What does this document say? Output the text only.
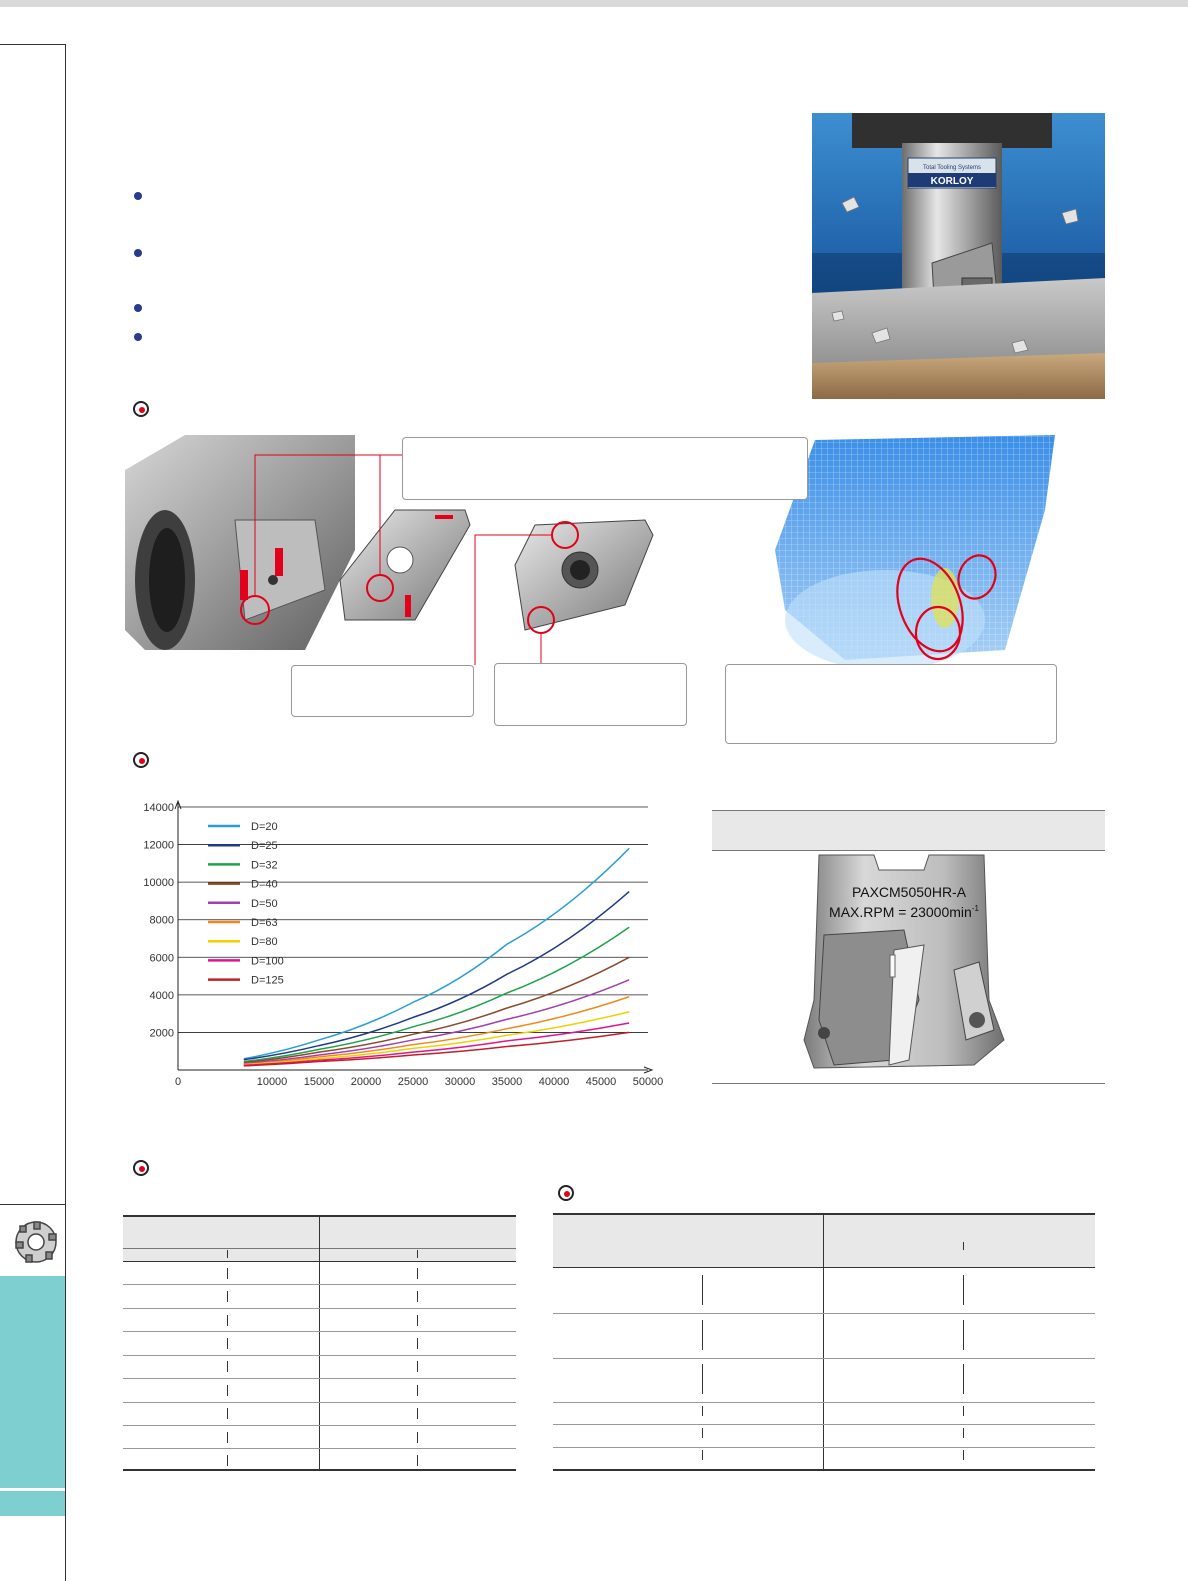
Total Tooling Systems
KORLOY
2000
4000
6000
8000
10000
12000
14000
0	10000 15000 20000 25000 30000 35000 40000 45000 50000
D=20
D=25
D=32
D=40
D=50
D=63
D=80
D=100
D=125
PAXCM5050HR-A
$MAX.RPM = 23000\min^{-1}$
